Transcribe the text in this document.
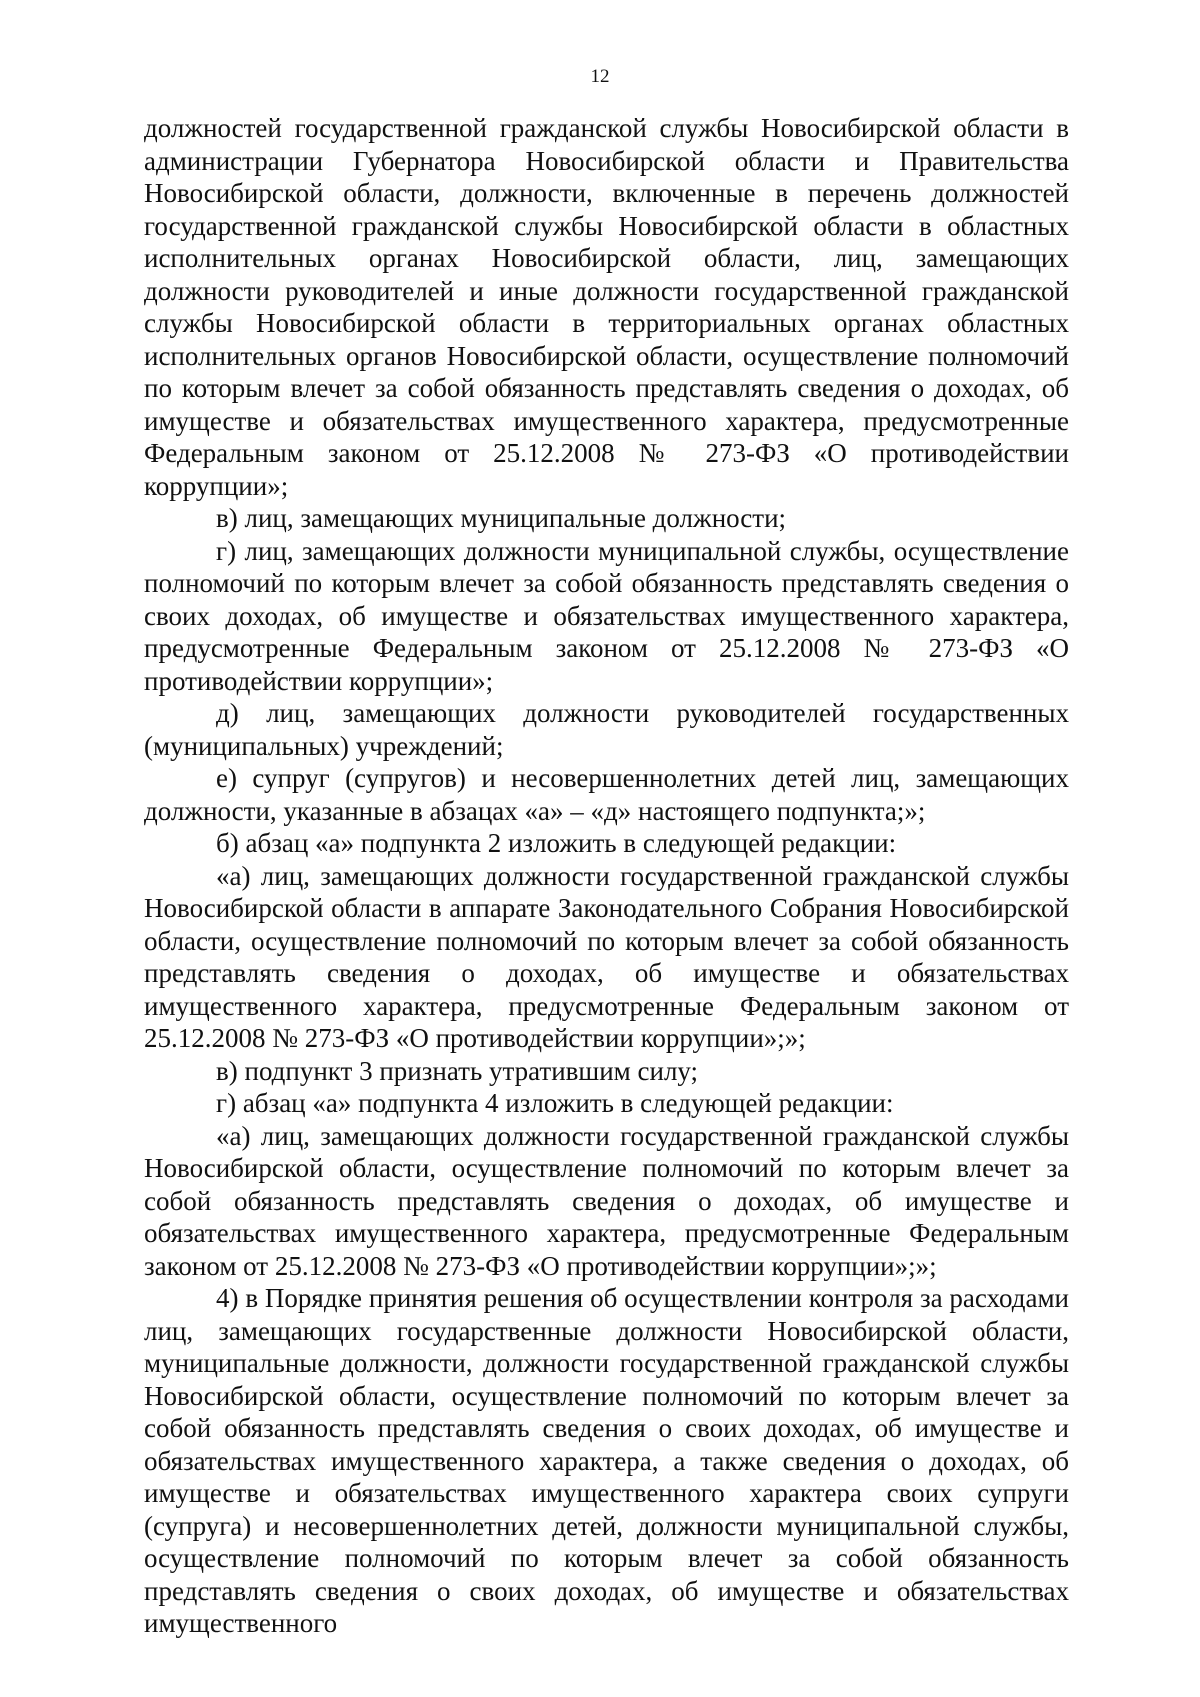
12

должностей государственной гражданской службы Новосибирской области в администрации Губернатора Новосибирской области и Правительства Новосибирской области, должности, включенные в перечень должностей государственной гражданской службы Новосибирской области в областных исполнительных органах Новосибирской области, лиц, замещающих должности руководителей и иные должности государственной гражданской службы Новосибирской области в территориальных органах областных исполнительных органов Новосибирской области, осуществление полномочий по которым влечет за собой обязанность представлять сведения о доходах, об имуществе и обязательствах имущественного характера, предусмотренные Федеральным законом от 25.12.2008 № 273-ФЗ «О противодействии коррупции»;

в) лиц, замещающих муниципальные должности;

г) лиц, замещающих должности муниципальной службы, осуществление полномочий по которым влечет за собой обязанность представлять сведения о своих доходах, об имуществе и обязательствах имущественного характера, предусмотренные Федеральным законом от 25.12.2008 № 273-ФЗ «О противодействии коррупции»;

д) лиц, замещающих должности руководителей государственных (муниципальных) учреждений;

е) супруг (супругов) и несовершеннолетних детей лиц, замещающих должности, указанные в абзацах «а» – «д» настоящего подпункта;»;

б) абзац «а» подпункта 2 изложить в следующей редакции:

«а) лиц, замещающих должности государственной гражданской службы Новосибирской области в аппарате Законодательного Собрания Новосибирской области, осуществление полномочий по которым влечет за собой обязанность представлять сведения о доходах, об имуществе и обязательствах имущественного характера, предусмотренные Федеральным законом от 25.12.2008 № 273-ФЗ «О противодействии коррупции»;»;

в) подпункт 3 признать утратившим силу;

г) абзац «а» подпункта 4 изложить в следующей редакции:

«а) лиц, замещающих должности государственной гражданской службы Новосибирской области, осуществление полномочий по которым влечет за собой обязанность представлять сведения о доходах, об имуществе и обязательствах имущественного характера, предусмотренные Федеральным законом от 25.12.2008 № 273-ФЗ «О противодействии коррупции»;»;

4) в Порядке принятия решения об осуществлении контроля за расходами лиц, замещающих государственные должности Новосибирской области, муниципальные должности, должности государственной гражданской службы Новосибирской области, осуществление полномочий по которым влечет за собой обязанность представлять сведения о своих доходах, об имуществе и обязательствах имущественного характера, а также сведения о доходах, об имуществе и обязательствах имущественного характера своих супруги (супруга) и несовершеннолетних детей, должности муниципальной службы, осуществление полномочий по которым влечет за собой обязанность представлять сведения о своих доходах, об имуществе и обязательствах имущественного
